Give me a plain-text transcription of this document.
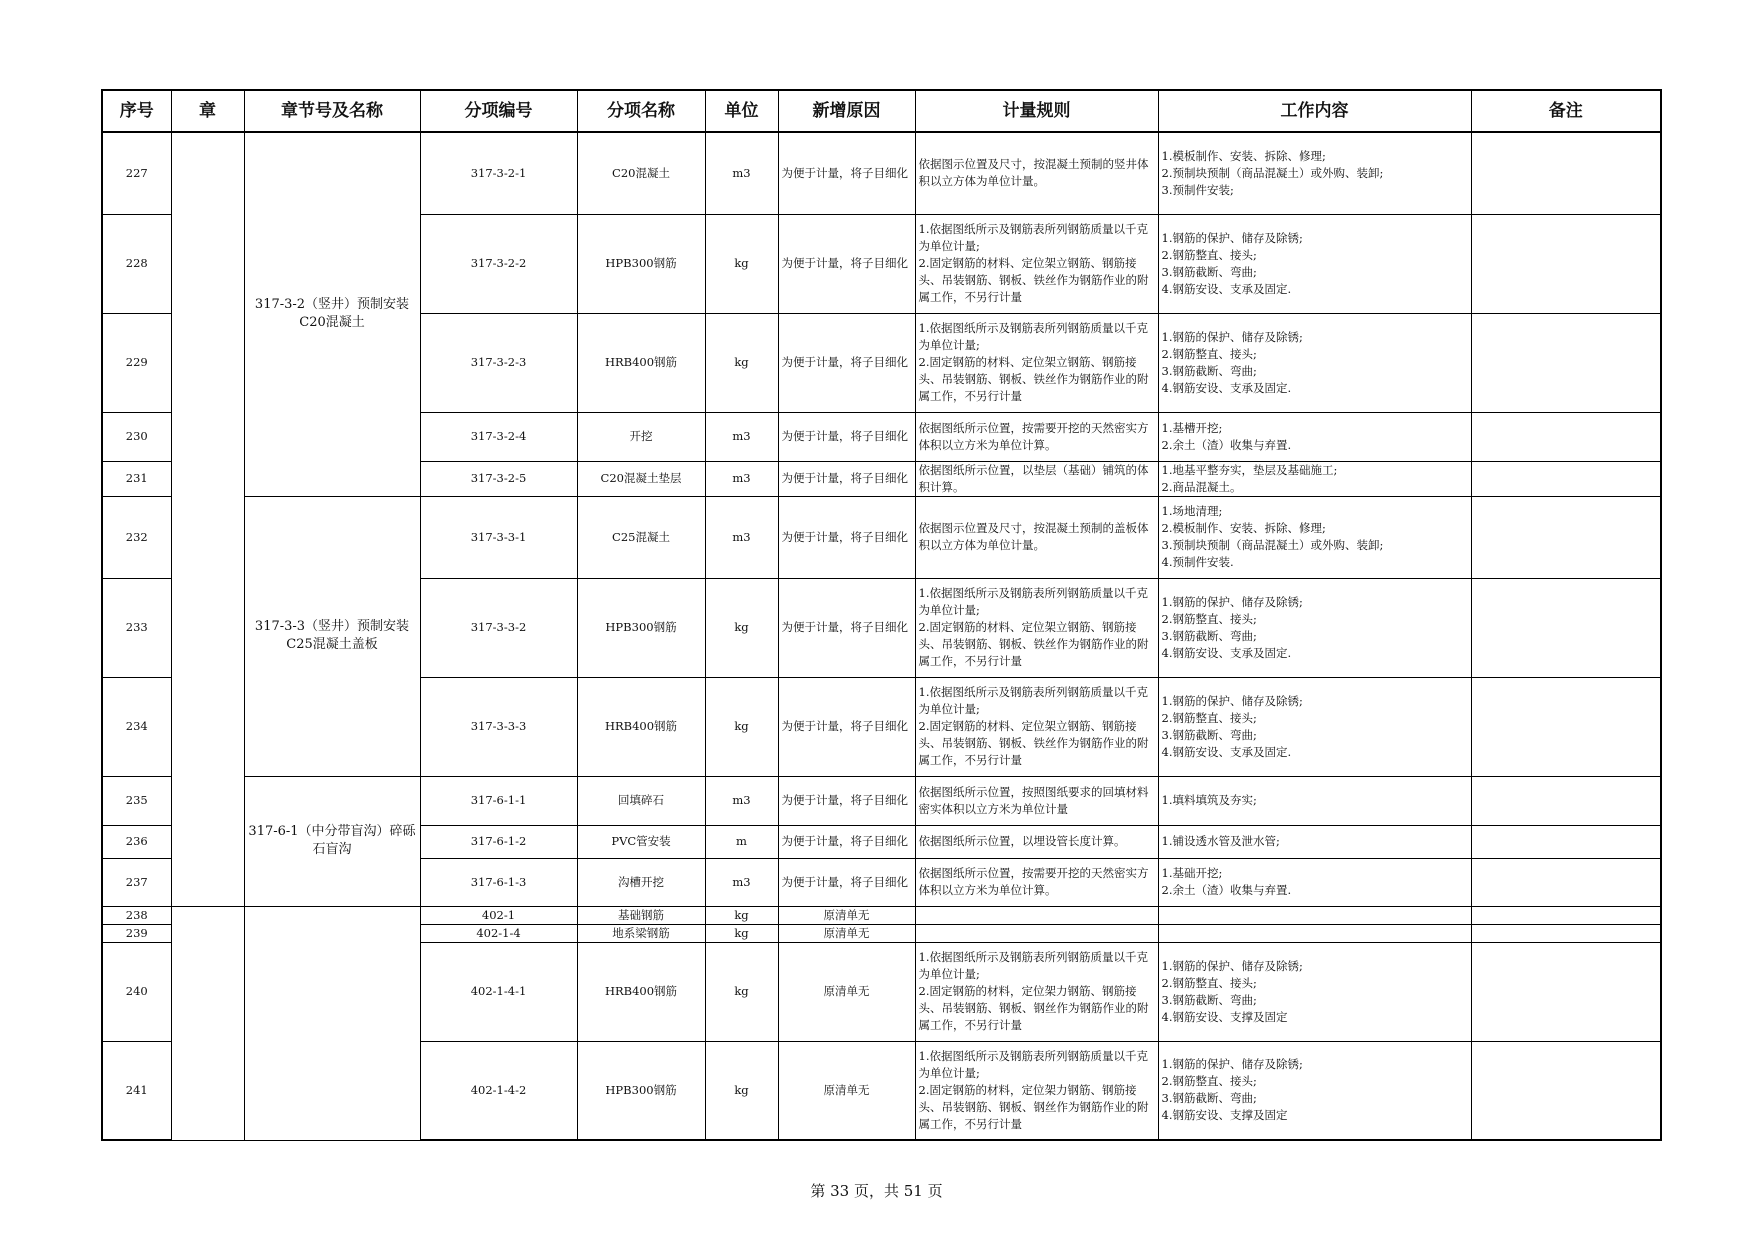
序号	章	章节号及名称	分项编号	分项名称	单位	新增原因	计量规则	工作内容	备注
227		317-3-2（竖井）预制安装C20混凝土	317-3-2-1	C20混凝土	m3	为便于计量，将子目细化	依据图示位置及尺寸，按混凝土预制的竖井体积以立方体为单位计量。	1.模板制作、安装、拆除、修理;
2.预制块预制（商品混凝土）或外购、装卸;
3.预制件安装;	
228			317-3-2-2	HPB300钢筋	kg	为便于计量，将子目细化	1.依据图纸所示及钢筋表所列钢筋质量以千克为单位计量;
2.固定钢筋的材料、定位架立钢筋、钢筋接头、吊装钢筋、钢板、铁丝作为钢筋作业的附属工作，不另行计量	1.钢筋的保护、储存及除锈;
2.钢筋整直、接头;
3.钢筋截断、弯曲;
4.钢筋安设、支承及固定.	
229			317-3-2-3	HRB400钢筋	kg	为便于计量，将子目细化	1.依据图纸所示及钢筋表所列钢筋质量以千克为单位计量;
2.固定钢筋的材料、定位架立钢筋、钢筋接头、吊装钢筋、钢板、铁丝作为钢筋作业的附属工作，不另行计量	1.钢筋的保护、储存及除锈;
2.钢筋整直、接头;
3.钢筋截断、弯曲;
4.钢筋安设、支承及固定.	
230			317-3-2-4	开挖	m3	为便于计量，将子目细化	依据图纸所示位置，按需要开挖的天然密实方体积以立方米为单位计算。	1.基槽开挖;
2.余土（渣）收集与弃置.	
231			317-3-2-5	C20混凝土垫层	m3	为便于计量，将子目细化	依据图纸所示位置，以垫层（基础）铺筑的体积计算。	1.地基平整夯实，垫层及基础施工;
2.商品混凝土。	
232		317-3-3（竖井）预制安装C25混凝土盖板	317-3-3-1	C25混凝土	m3	为便于计量，将子目细化	依据图示位置及尺寸，按混凝土预制的盖板体积以立方体为单位计量。	1.场地清理;
2.模板制作、安装、拆除、修理;
3.预制块预制（商品混凝土）或外购、装卸;
4.预制件安装.	
233			317-3-3-2	HPB300钢筋	kg	为便于计量，将子目细化	1.依据图纸所示及钢筋表所列钢筋质量以千克为单位计量;
2.固定钢筋的材料、定位架立钢筋、钢筋接头、吊装钢筋、钢板、铁丝作为钢筋作业的附属工作，不另行计量	1.钢筋的保护、储存及除锈;
2.钢筋整直、接头;
3.钢筋截断、弯曲;
4.钢筋安设、支承及固定.	
234			317-3-3-3	HRB400钢筋	kg	为便于计量，将子目细化	1.依据图纸所示及钢筋表所列钢筋质量以千克为单位计量;
2.固定钢筋的材料、定位架立钢筋、钢筋接头、吊装钢筋、钢板、铁丝作为钢筋作业的附属工作，不另行计量	1.钢筋的保护、储存及除锈;
2.钢筋整直、接头;
3.钢筋截断、弯曲;
4.钢筋安设、支承及固定.	
235		317-6-1（中分带盲沟）碎砾石盲沟	317-6-1-1	回填碎石	m3	为便于计量，将子目细化	依据图纸所示位置，按照图纸要求的回填材料密实体积以立方米为单位计量	1.填料填筑及夯实;	
236			317-6-1-2	PVC管安装	m	为便于计量，将子目细化	依据图纸所示位置，以埋设管长度计算。	1.铺设透水管及泄水管;	
237			317-6-1-3	沟槽开挖	m3	为便于计量，将子目细化	依据图纸所示位置，按需要开挖的天然密实方体积以立方米为单位计算。	1.基础开挖;
2.余土（渣）收集与弃置.	
238			402-1	基础钢筋	kg	原清单无			
239			402-1-4	地系梁钢筋	kg	原清单无			
240			402-1-4-1	HRB400钢筋	kg	原清单无	1.依据图纸所示及钢筋表所列钢筋质量以千克为单位计量;
2.固定钢筋的材料，定位架力钢筋、钢筋接头、吊装钢筋、钢板、钢丝作为钢筋作业的附属工作，不另行计量	1.钢筋的保护、储存及除锈;
2.钢筋整直、接头;
3.钢筋截断、弯曲;
4.钢筋安设、支撑及固定	
241			402-1-4-2	HPB300钢筋	kg	原清单无	1.依据图纸所示及钢筋表所列钢筋质量以千克为单位计量;
2.固定钢筋的材料，定位架力钢筋、钢筋接头、吊装钢筋、钢板、钢丝作为钢筋作业的附属工作，不另行计量	1.钢筋的保护、储存及除锈;
2.钢筋整直、接头;
3.钢筋截断、弯曲;
4.钢筋安设、支撑及固定	
第 33 页，共 51 页
